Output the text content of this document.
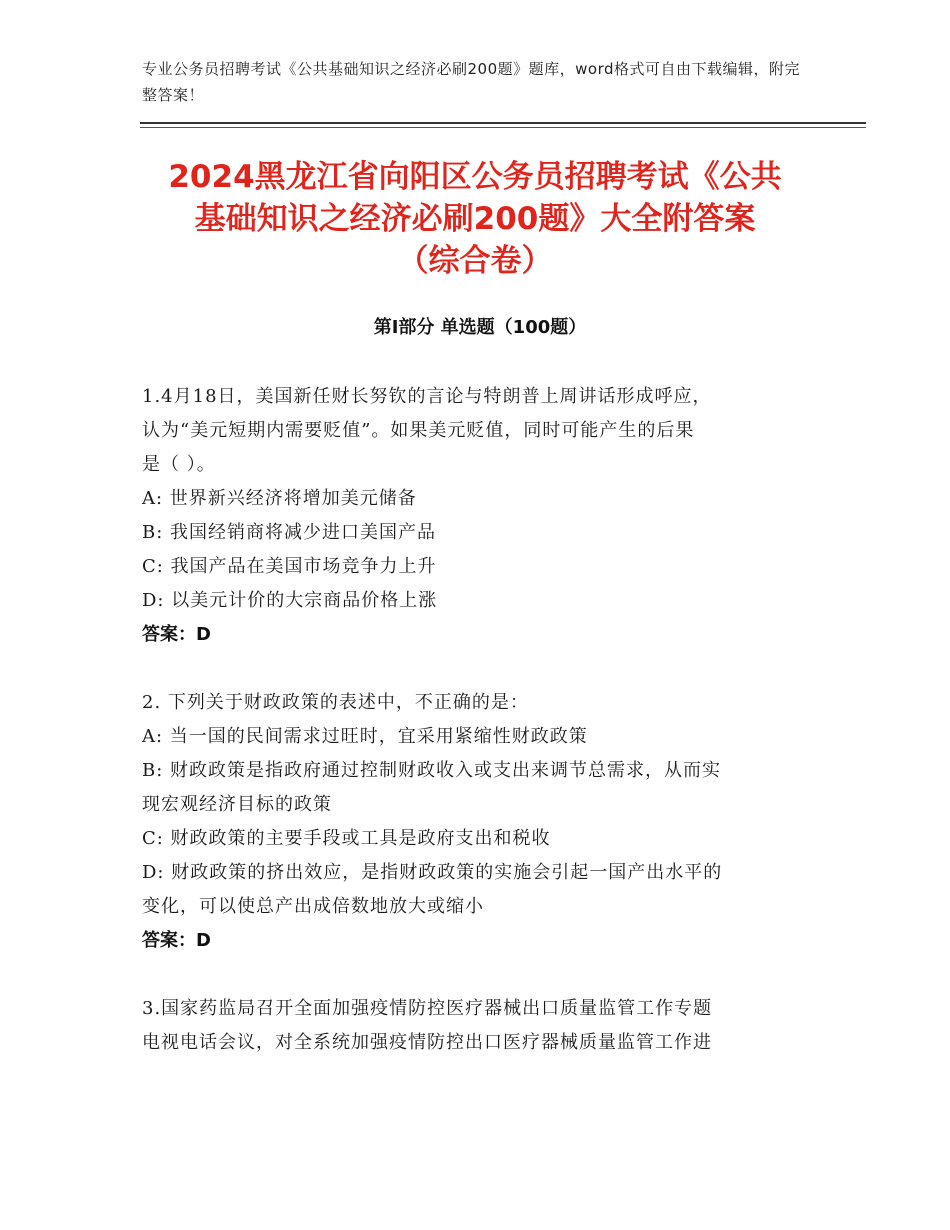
专业公务员招聘考试《公共基础知识之经济必刷200题》题库，word格式可自由下载编辑，附完整答案！
2024黑龙江省向阳区公务员招聘考试《公共
基础知识之经济必刷200题》大全附答案
（综合卷）
第Ⅰ部分 单选题（100题）
1.4月18日，美国新任财长努钦的言论与特朗普上周讲话形成呼应，
认为“美元短期内需要贬值”。如果美元贬值，同时可能产生的后果
是（ ）。
A: 世界新兴经济将增加美元储备
B: 我国经销商将减少进口美国产品
C: 我国产品在美国市场竞争力上升
D: 以美元计价的大宗商品价格上涨
答案：D
2. 下列关于财政政策的表述中，不正确的是：
A: 当一国的民间需求过旺时，宜采用紧缩性财政政策
B: 财政政策是指政府通过控制财政收入或支出来调节总需求，从而实
现宏观经济目标的政策
C: 财政政策的主要手段或工具是政府支出和税收
D: 财政政策的挤出效应，是指财政政策的实施会引起一国产出水平的
变化，可以使总产出成倍数地放大或缩小
答案：D
3.国家药监局召开全面加强疫情防控医疗器械出口质量监管工作专题
电视电话会议，对全系统加强疫情防控出口医疗器械质量监管工作进
